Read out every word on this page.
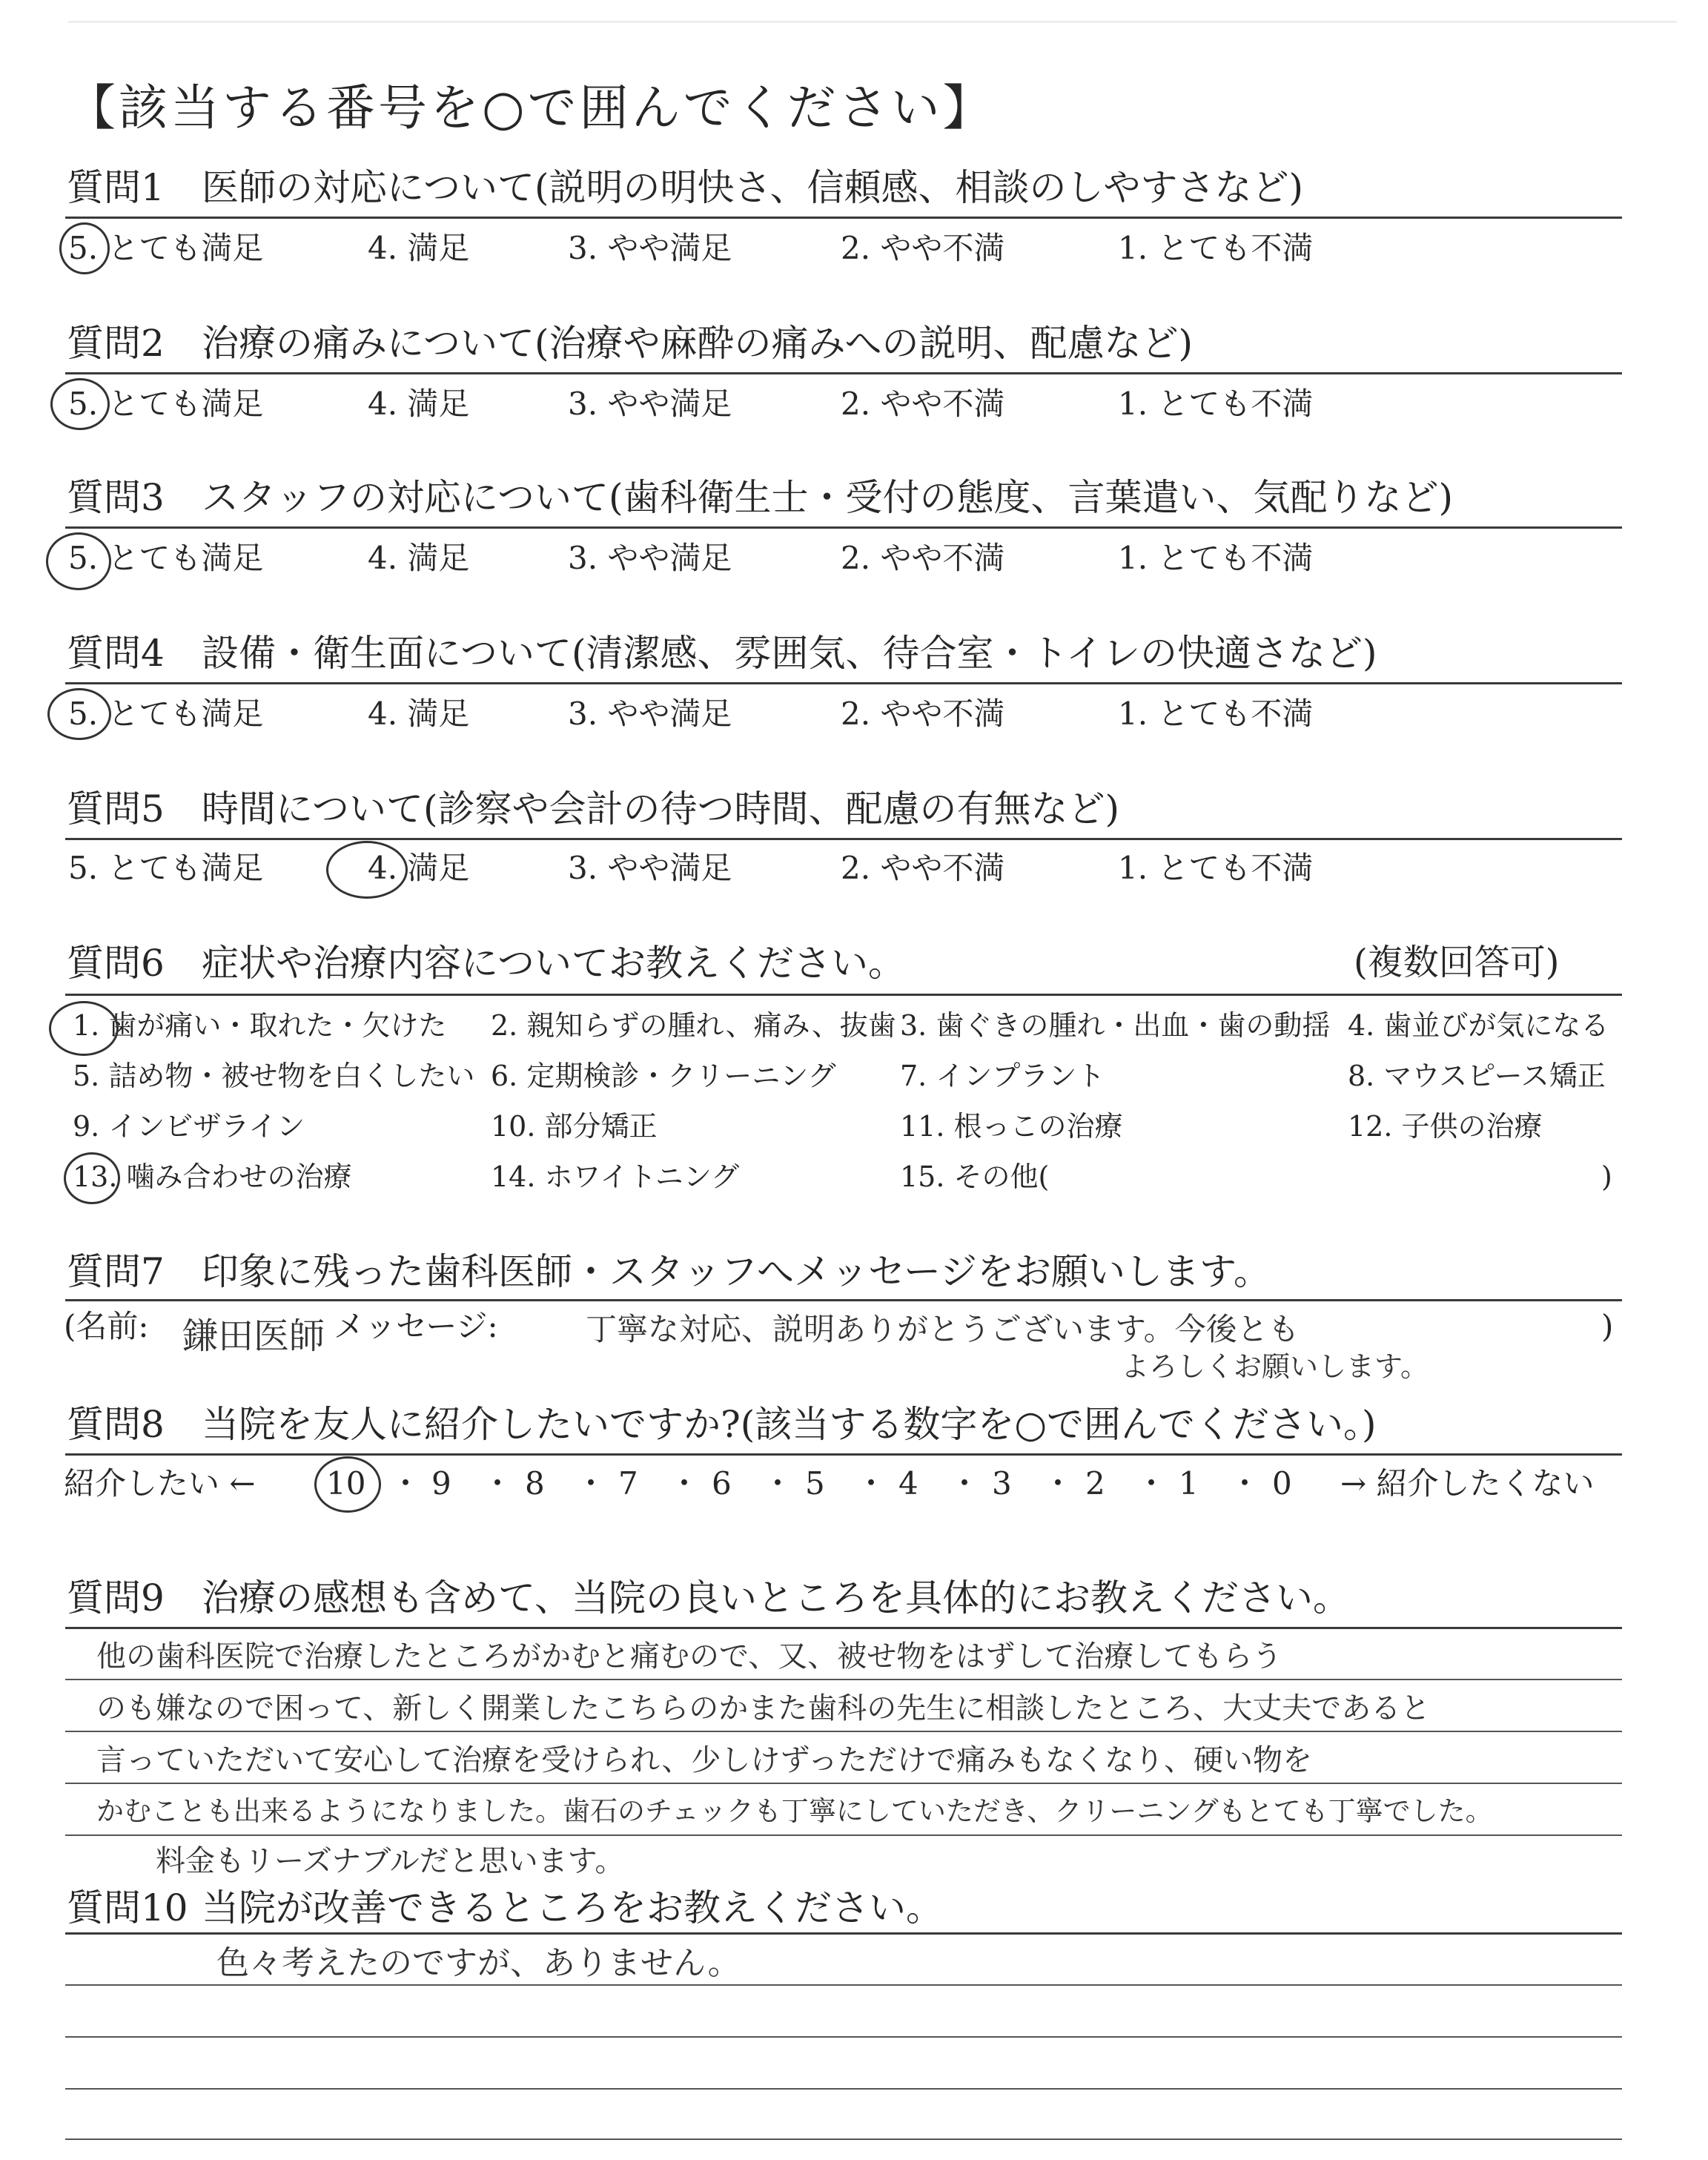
【該当する番号を○で囲んでください】
質問1 医師の対応について(説明の明快さ、信頼感、相談のしやすさなど)
5. とても満足	4. 満足	3. やや満足	2. やや不満	1. とても不満
質問2 治療の痛みについて(治療や麻酔の痛みへの説明、配慮など)
5. とても満足	4. 満足	3. やや満足	2. やや不満	1. とても不満
質問3 スタッフの対応について(歯科衛生士・受付の態度、言葉遣い、気配りなど)
5. とても満足	4. 満足	3. やや満足	2. やや不満	1. とても不満
質問4 設備・衛生面について(清潔感、雰囲気、待合室・トイレの快適さなど)
5. とても満足	4. 満足	3. やや満足	2. やや不満	1. とても不満
質問5 時間について(診察や会計の待つ時間、配慮の有無など)
5. とても満足	4. 満足	3. やや満足	2. やや不満	1. とても不満
質問6 症状や治療内容についてお教えください。	(複数回答可)
1. 歯が痛い・取れた・欠けた 2. 親知らずの腫れ、痛み、抜歯 3. 歯ぐきの腫れ・出血・歯の動揺 4. 歯並びが気になる
5. 詰め物・被せ物を白くしたい 6. 定期検診・クリーニング 7. インプラント	8. マウスピース矯正
9. インビザライン	10. 部分矯正	11. 根っこの治療	12. 子供の治療
13. 噛み合わせの治療	14. ホワイトニング	15. その他(	)
質問7 印象に残った歯科医師・スタッフへメッセージをお願いします。
(名前: 鎌田医師 メッセージ:	丁寧な対応、説明ありがとうございます。今後とも
よろしくお願いします。
)
質問8 当院を友人に紹介したいですか?(該当する数字を○で囲んでください。)
紹介したい ←	→ 紹介したくない
10 ・ 9 ・ 8 ・ 7 ・ 6 ・ 5 ・ 4 ・ 3 ・ 2 ・ 1 ・ 0
質問9 治療の感想も含めて、当院の良いところを具体的にお教えください。
他の歯科医院で治療したところがかむと痛むので、又、被せ物をはずして治療してもらう
のも嫌なので困って、新しく開業したこちらのかまた歯科の先生に相談したところ、大丈夫であると
言っていただいて安心して治療を受けられ、少しけずっただけで痛みもなくなり、硬い物を
かむことも出来るようになりました。歯石のチェックも丁寧にしていただき、クリーニングもとても丁寧でした。
料金もリーズナブルだと思います。
質問10 当院が改善できるところをお教えください。
色々考えたのですが、ありません。
